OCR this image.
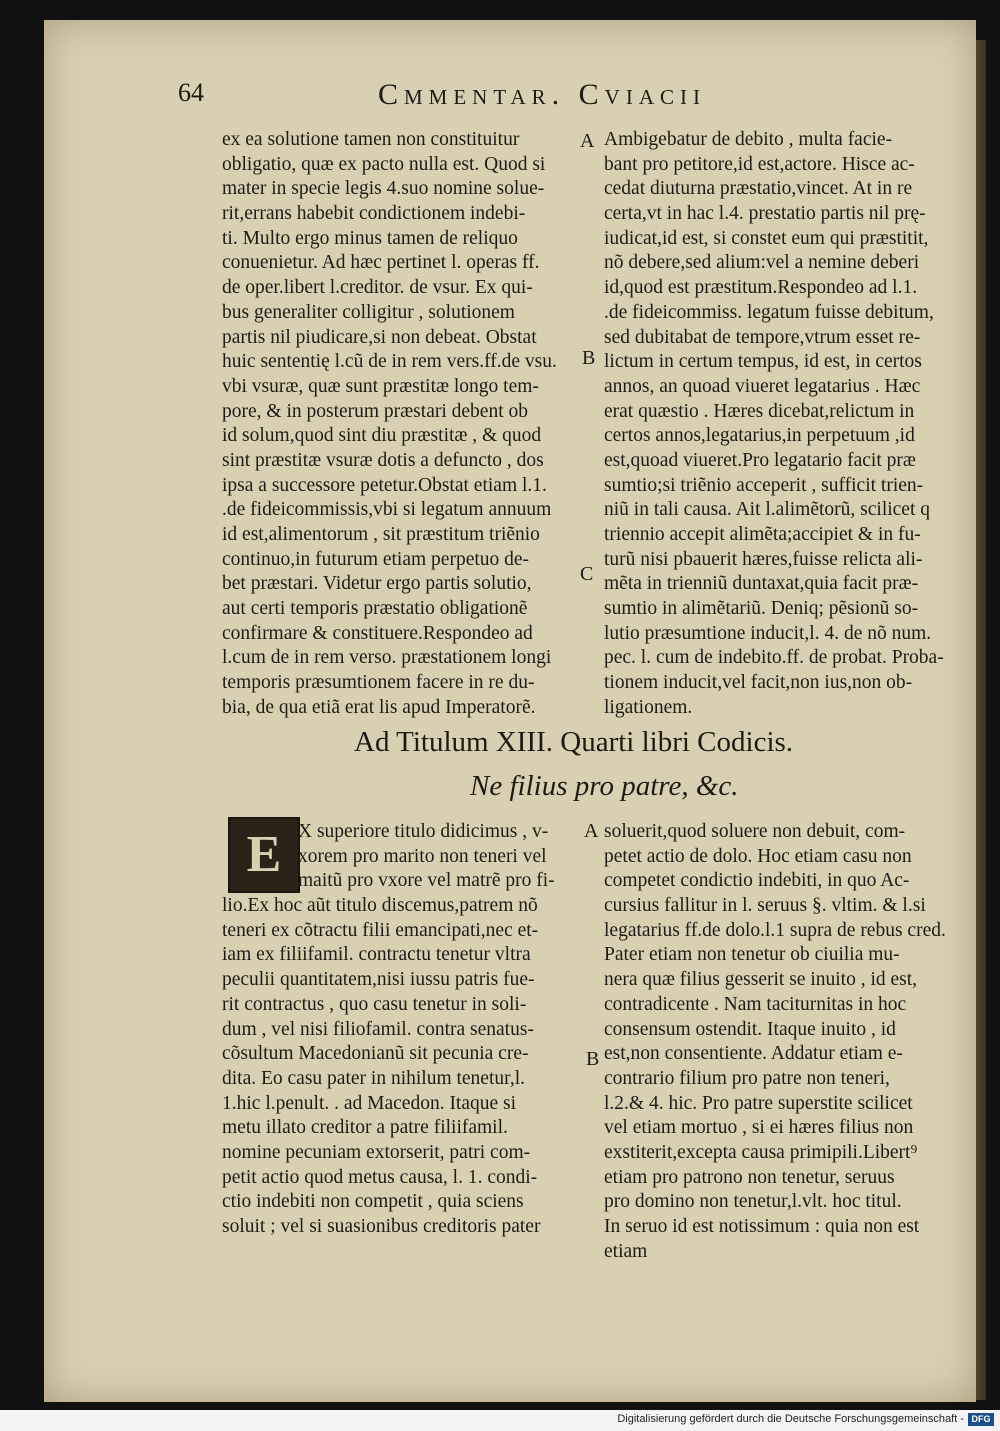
64	Cmmentar. Cviacii
ex ea solutione tamen non constituitur
obligatio, quæ ex pacto nulla est. Quod si
mater in specie legis 4.suo nomine solue-
rit,errans habebit condictionem indebi-
ti. Multo ergo minus tamen de reliquo
conuenietur. Ad hæc pertinet l. operas ff.
de oper.libert l.creditor. de vsur. Ex qui-
bus generaliter colligitur , solutionem
partis nil piudicare,si non debeat. Obstat
huic sententię l.cũ de in rem vers.ff.de vsu.
vbi vsuræ, quæ sunt præstitæ longo tem-
pore, & in posterum præstari debent ob
id solum,quod sint diu præstitæ , & quod
sint præstitæ vsuræ dotis a defuncto , dos
ipsa a successore petetur.Obstat etiam l.1.
.de fideicommissis,vbi si legatum annuum
id est,alimentorum , sit præstitum triẽnio
continuo,in futurum etiam perpetuo de-
bet præstari. Videtur ergo partis solutio,
aut certi temporis præstatio obligationẽ
confirmare & constituere.Respondeo ad
l.cum de in rem verso. præstationem longi
temporis præsumtionem facere in re du-
bia, de qua etiã erat lis apud Imperatorẽ.
Ambigebatur de debito , multa facie-
bant pro petitore,id est,actore. Hisce ac-
cedat diuturna præstatio,vincet. At in re
certa,vt in hac l.4. prestatio partis nil prę-
iudicat,id est, si constet eum qui præstitit,
nõ debere,sed alium:vel a nemine deberi
id,quod est præstitum.Respondeo ad l.1.
.de fideicommiss. legatum fuisse debitum,
sed dubitabat de tempore,vtrum esset re-
lictum in certum tempus, id est, in certos
annos, an quoad viueret legatarius . Hæc
erat quæstio . Hæres dicebat,relictum in
certos annos,legatarius,in perpetuum ,id
est,quoad viueret.Pro legatario facit præ
sumtio;si triẽnio acceperit , sufficit trien-
niũ in tali causa. Ait l.alimẽtorũ, scilicet q
triennio accepit alimẽta;accipiet & in fu-
turũ nisi pbauerit hæres,fuisse relicta ali-
mẽta in trienniũ duntaxat,quia facit præ-
sumtio in alimẽtariũ. Deniq; pẽsionũ so-
lutio præsumtione inducit,l. 4. de nõ num.
pec. l. cum de indebito.ff. de probat. Proba-
tionem inducit,vel facit,non ius,non ob-
ligationem.
A
B
C
Ad Titulum XIII. Quarti libri Codicis.
Ne filius pro patre, &c.
E X superiore titulo didicimus , v-
xorem pro marito non teneri vel
maitũ pro vxore vel matrẽ pro fi-
lio.Ex hoc aũt titulo discemus,patrem nõ
teneri ex cõtractu filii emancipati,nec et-
iam ex filiifamil. contractu tenetur vltra
peculii quantitatem,nisi iussu patris fue-
rit contractus , quo casu tenetur in soli-
dum , vel nisi filiofamil. contra senatus-
cõsultum Macedonianũ sit pecunia cre-
dita. Eo casu pater in nihilum tenetur,l.
1.hic l.penult. . ad Macedon. Itaque si
metu illato creditor a patre filiifamil.
nomine pecuniam extorserit, patri com-
petit actio quod metus causa, l. 1. condi-
ctio indebiti non competit , quia sciens
soluit ; vel si suasionibus creditoris pater
soluerit,quod soluere non debuit, com-
petet actio de dolo. Hoc etiam casu non
competet condictio indebiti, in quo Ac-
cursius fallitur in l. seruus §. vltim. & l.si
legatarius ff.de dolo.l.1 supra de rebus cred.
Pater etiam non tenetur ob ciuilia mu-
nera quæ filius gesserit se inuito , id est,
contradicente . Nam taciturnitas in hoc
consensum ostendit. Itaque inuito , id
est,non consentiente. Addatur etiam e-
contrario filium pro patre non teneri,
l.2.& 4. hic. Pro patre superstite scilicet
vel etiam mortuo , si ei hæres filius non
exstiterit,excepta causa primipili.Libert⁹
etiam pro patrono non tenetur, seruus
pro domino non tenetur,l.vlt. hoc titul.
In seruo id est notissimum : quia non est
etiam
A
B
Digitalisierung gefördert durch die Deutsche Forschungsgemeinschaft - DFG
